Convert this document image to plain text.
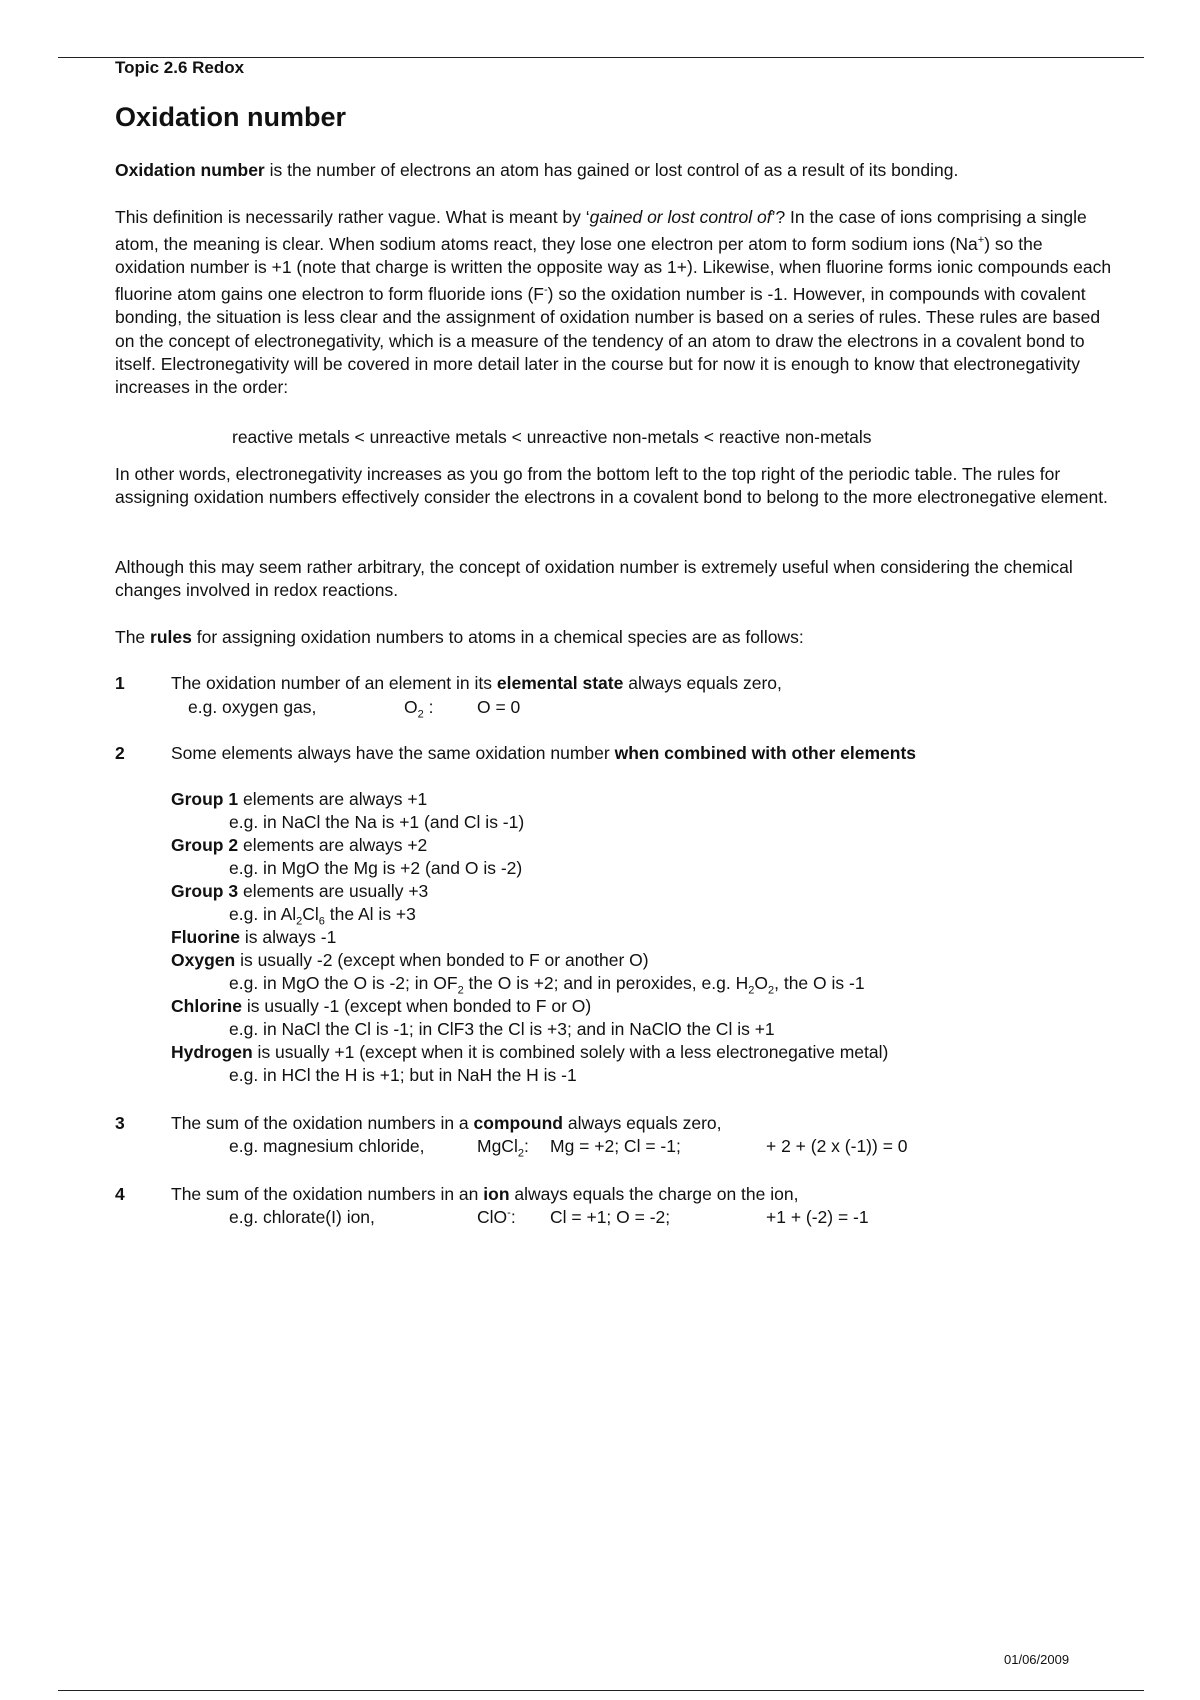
Topic 2.6 Redox
Oxidation number

Oxidation number is the number of electrons an atom has gained or lost control of as a result of its bonding.

This definition is necessarily rather vague. What is meant by ‘gained or lost control of’? In the case of ions comprising a single atom, the meaning is clear. When sodium atoms react, they lose one electron per atom to form sodium ions (Na+) so the oxidation number is +1 (note that charge is written the opposite way as 1+). Likewise, when fluorine forms ionic compounds each fluorine atom gains one electron to form fluoride ions (F-) so the oxidation number is -1. However, in compounds with covalent bonding, the situation is less clear and the assignment of oxidation number is based on a series of rules. These rules are based on the concept of electronegativity, which is a measure of the tendency of an atom to draw the electrons in a covalent bond to itself. Electronegativity will be covered in more detail later in the course but for now it is enough to know that electronegativity increases in the order:

reactive metals < unreactive metals < unreactive non-metals < reactive non-metals

In other words, electronegativity increases as you go from the bottom left to the top right of the periodic table. The rules for assigning oxidation numbers effectively consider the electrons in a covalent bond to belong to the more electronegative element.

Although this may seem rather arbitrary, the concept of oxidation number is extremely useful when considering the chemical changes involved in redox reactions.

The rules for assigning oxidation numbers to atoms in a chemical species are as follows:

1	The oxidation number of an element in its elemental state always equals zero,
e.g. oxygen gas,	$O_2$ : O = 0
2	Some elements always have the same oxidation number when combined with other elements
Group 1 elements are always +1
e.g. in NaCl the Na is +1 (and Cl is -1)
Group 2 elements are always +2
e.g. in MgO the Mg is +2 (and O is -2)
Group 3 elements are usually +3
e.g. in $Al_2Cl_6$ the Al is +3
Fluorine is always -1
Oxygen is usually -2 (except when bonded to F or another O)
e.g. in MgO the O is -2; in $OF_2$ the O is +2; and in peroxides, e.g. $H_2O_2$, the O is -1
Chlorine is usually -1 (except when bonded to F or O)
e.g. in NaCl the Cl is -1; in ClF3 the Cl is +3; and in NaClO the Cl is +1
Hydrogen is usually +1 (except when it is combined solely with a less electronegative metal)
e.g. in HCl the H is +1; but in NaH the H is -1
3	The sum of the oxidation numbers in a compound always equals zero,
e.g. magnesium chloride,	MgCl$_2$: Mg = +2; Cl = -1;	+ 2 + (2 x (-1)) = 0
4	The sum of the oxidation numbers in an ion always equals the charge on the ion,
e.g. chlorate(I) ion,	ClO-: Cl = +1; O = -2;	+1 + (-2) = -1
01/06/2009
